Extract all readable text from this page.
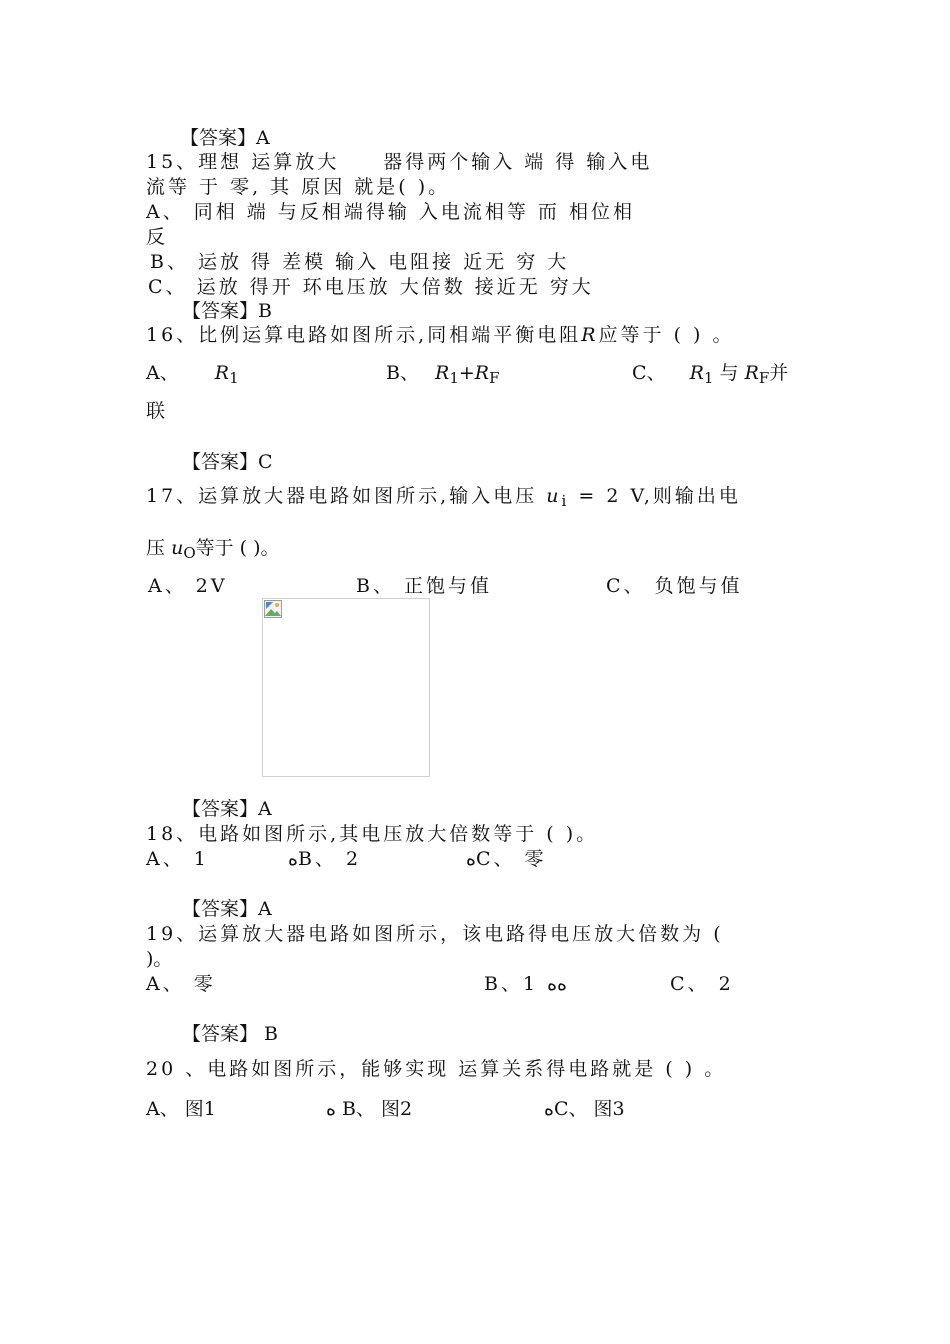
【答案】A
15、理想 运算放大　　器得两个输入 端 得 输入电
流等 于 零, 其 原因 就是( )。
A、 同相 端 与反相端得输 入电流相等 而 相位相
反
B、 运放 得 差模 输入 电阻接 近无 穷 大
C、 运放 得开 环电压放 大倍数 接近无 穷大
【答案】B
16、比例运算电路如图所示,同相端平衡电阻R应等于 ( ) 。
A、 $R_1$	B、 $R_1+R_F$	C、 $R_1$ 与 $R_F$并
联
【答案】C
17、运算放大器电路如图所示,输入电压 $u_i = 2$ V,则输出电
压 $u_O$等于 ( )。
A、 2V	B、 正饱与值	C、 负饱与值
【答案】A
18、电路如图所示,其电压放大倍数等于 ( )。
A、 1	ﻩB、 2	ﻩC、 零
【答案】A
19、运算放大器电路如图所示，该电路得电压放大倍数为 (
)。
A、 零	B、1 ﻩﻩ	C、 2
【答案】 B
20 、电路如图所示，能够实现 运算关系得电路就是 ( ) 。
A、 图1	ﻩ B、 图2	ﻩC、 图3
